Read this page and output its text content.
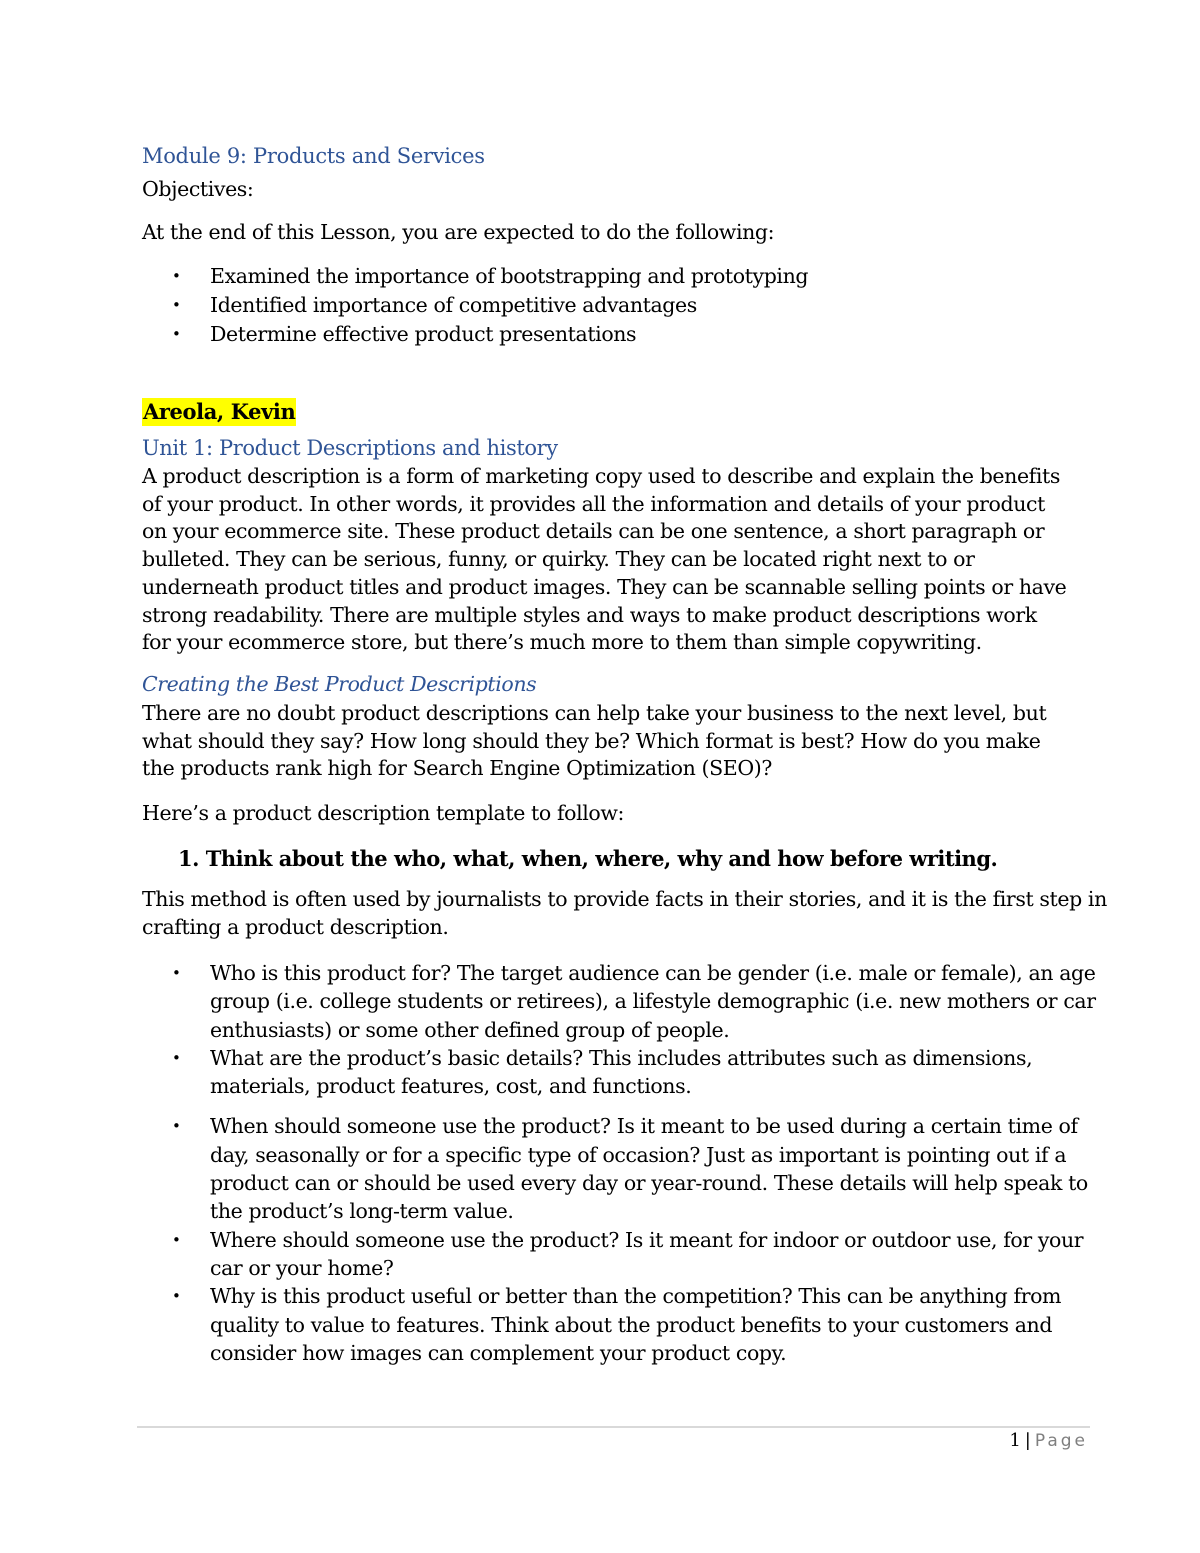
Module 9: Products and Services
Objectives:
At the end of this Lesson, you are expected to do the following:
• Examined the importance of bootstrapping and prototyping
• Identified importance of competitive advantages
• Determine effective product presentations
Areola, Kevin
Unit 1: Product Descriptions and history
A product description is a form of marketing copy used to describe and explain the benefits
of your product. In other words, it provides all the information and details of your product
on your ecommerce site. These product details can be one sentence, a short paragraph or
bulleted. They can be serious, funny, or quirky. They can be located right next to or
underneath product titles and product images. They can be scannable selling points or have
strong readability. There are multiple styles and ways to make product descriptions work
for your ecommerce store, but there’s much more to them than simple copywriting.
Creating the Best Product Descriptions
There are no doubt product descriptions can help take your business to the next level, but
what should they say? How long should they be? Which format is best? How do you make
the products rank high for Search Engine Optimization (SEO)?
Here’s a product description template to follow:
1. Think about the who, what, when, where, why and how before writing.
This method is often used by journalists to provide facts in their stories, and it is the first step in
crafting a product description.
• Who is this product for? The target audience can be gender (i.e. male or female), an age
group (i.e. college students or retirees), a lifestyle demographic (i.e. new mothers or car
enthusiasts) or some other defined group of people.
• What are the product’s basic details? This includes attributes such as dimensions,
materials, product features, cost, and functions.
• When should someone use the product? Is it meant to be used during a certain time of
day, seasonally or for a specific type of occasion? Just as important is pointing out if a
product can or should be used every day or year-round. These details will help speak to
the product’s long-term value.
• Where should someone use the product? Is it meant for indoor or outdoor use, for your
car or your home?
• Why is this product useful or better than the competition? This can be anything from
quality to value to features. Think about the product benefits to your customers and
consider how images can complement your product copy.
1 | Page
